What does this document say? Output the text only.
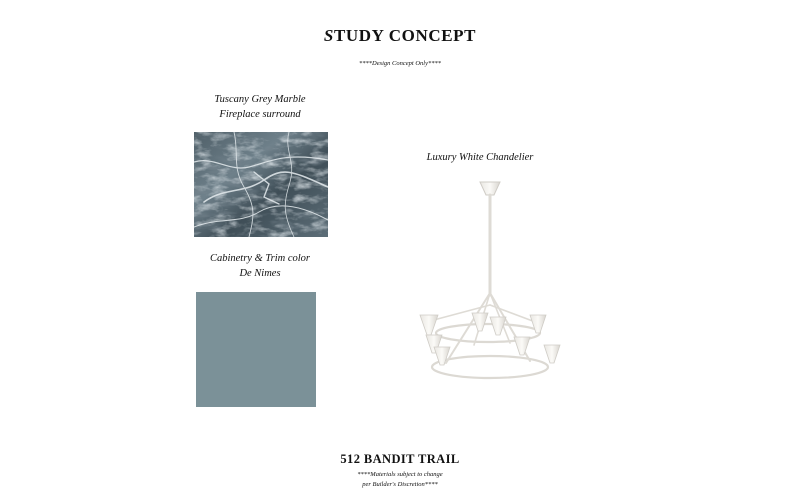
STUDY CONCEPT
****Design Concept Only****
Tuscany Grey Marble
Fireplace surround
Cabinetry & Trim color
De Nimes
Luxury White Chandelier
512 BANDIT TRAIL
****Materials subject to change
per Builder's Discretion****
